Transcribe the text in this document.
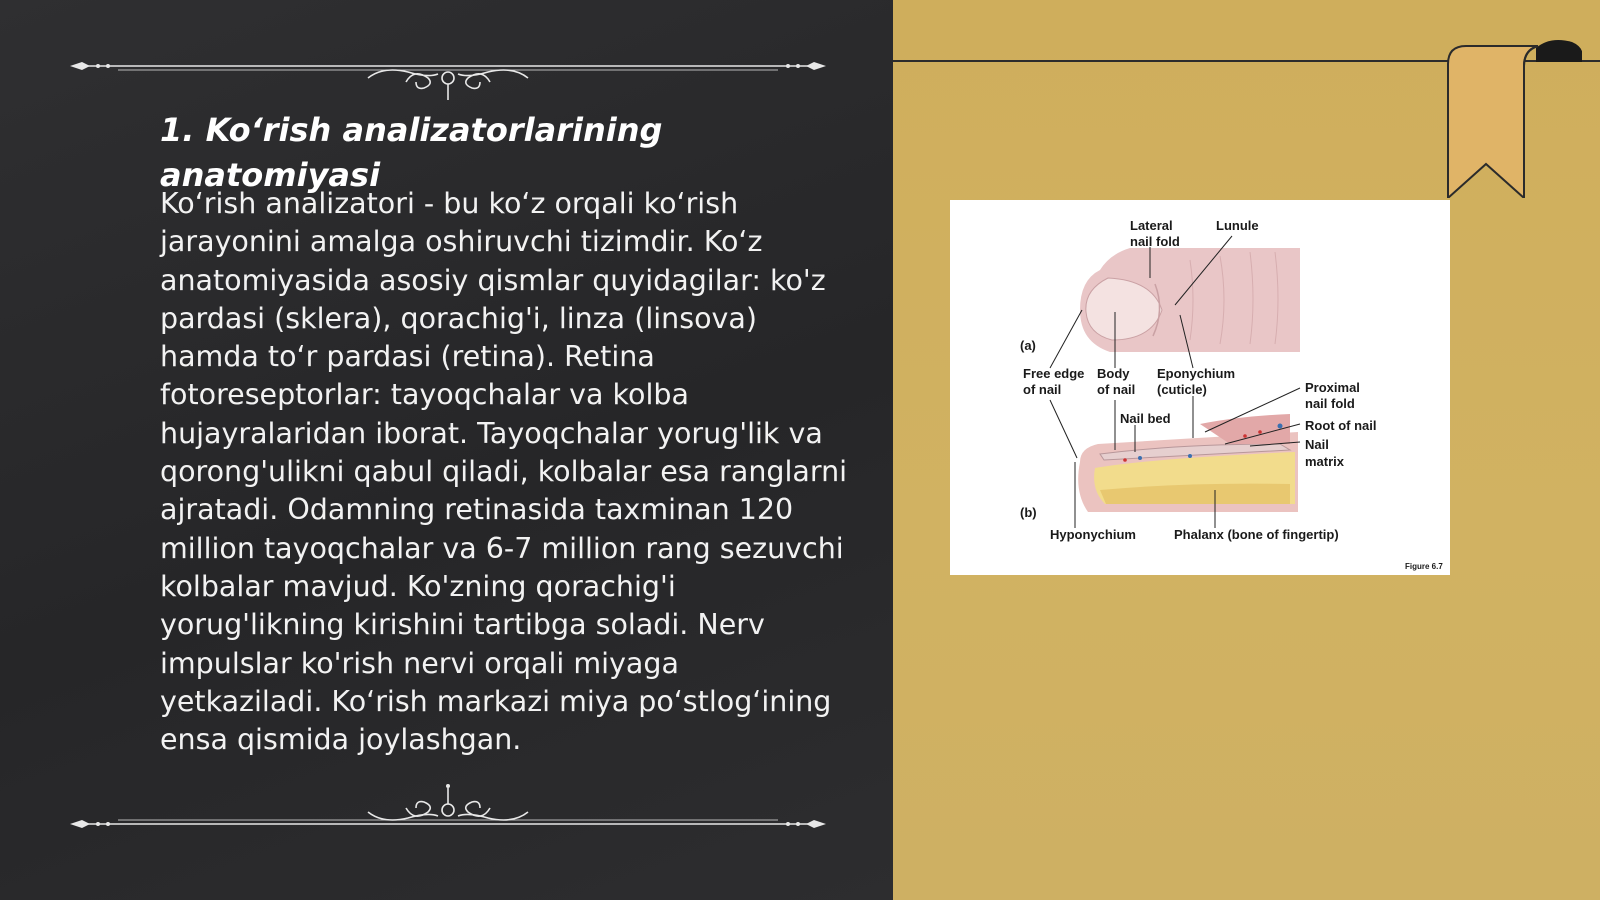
1. Ko‘rish analizatorlarining anatomiyasi

Ko‘rish analizatori - bu ko‘z orqali ko‘rish jarayonini amalga oshiruvchi tizimdir. Ko‘z anatomiyasida asosiy qismlar quyidagilar: ko'z pardasi (sklera), qorachig'i, linza (linsova) hamda to‘r pardasi (retina). Retina fotoreseptorlar: tayoqchalar va kolba hujayralaridan iborat. Tayoqchalar yorug'lik va qorong'ulikni qabul qiladi, kolbalar esa ranglarni ajratadi. Odamning retinasida taxminan 120 million tayoqchalar va 6-7 million rang sezuvchi kolbalar mavjud. Ko'zning qorachig'i yorug'likning kirishini tartibga soladi. Nerv impulslar ko'rish nervi orqali miyaga yetkaziladi. Ko‘rish markazi miya po‘stlog‘ining ensa qismida joylashgan.

Lateral
nail fold
Lunule
(a)
Free edge
of nail
Body
of nail
Eponychium
(cuticle)
Nail bed
Proximal
nail fold
Root of nail
Nail
matrix
(b)
Hyponychium	Phalanx (bone of fingertip)
Figure 6.7
